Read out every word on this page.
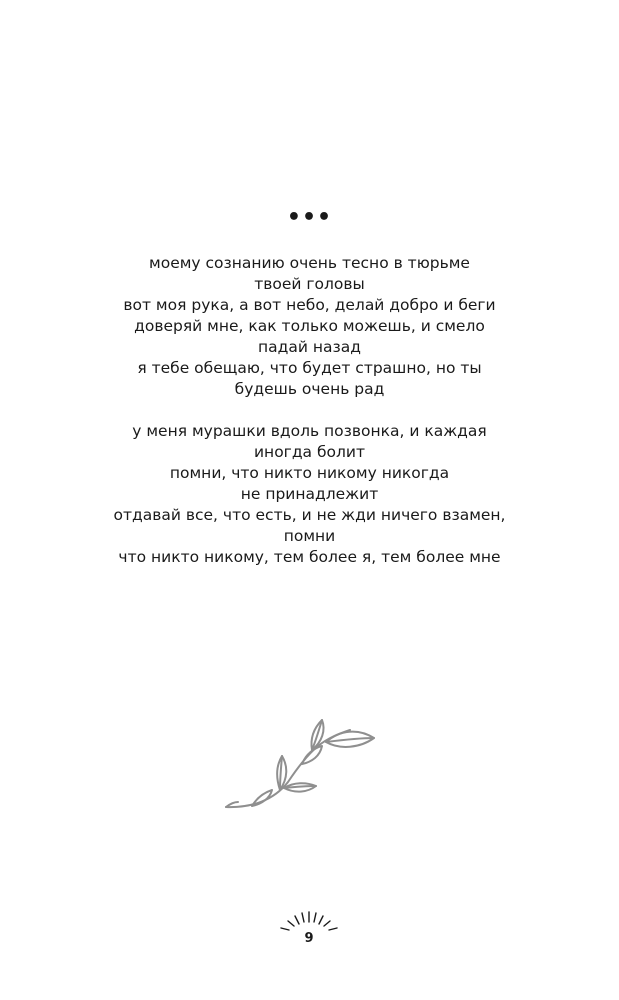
•••

моему сознанию очень тесно в тюрьме
твоей головы
вот моя рука, а вот небо, делай добро и беги
доверяй мне, как только можешь, и смело
падай назад
я тебе обещаю, что будет страшно, но ты
будешь очень рад

у меня мурашки вдоль позвонка, и каждая
иногда болит
помни, что никто никому никогда
не принадлежит
отдавай все, что есть, и не жди ничего взамен,
помни
что никто никому, тем более я, тем более мне

9
